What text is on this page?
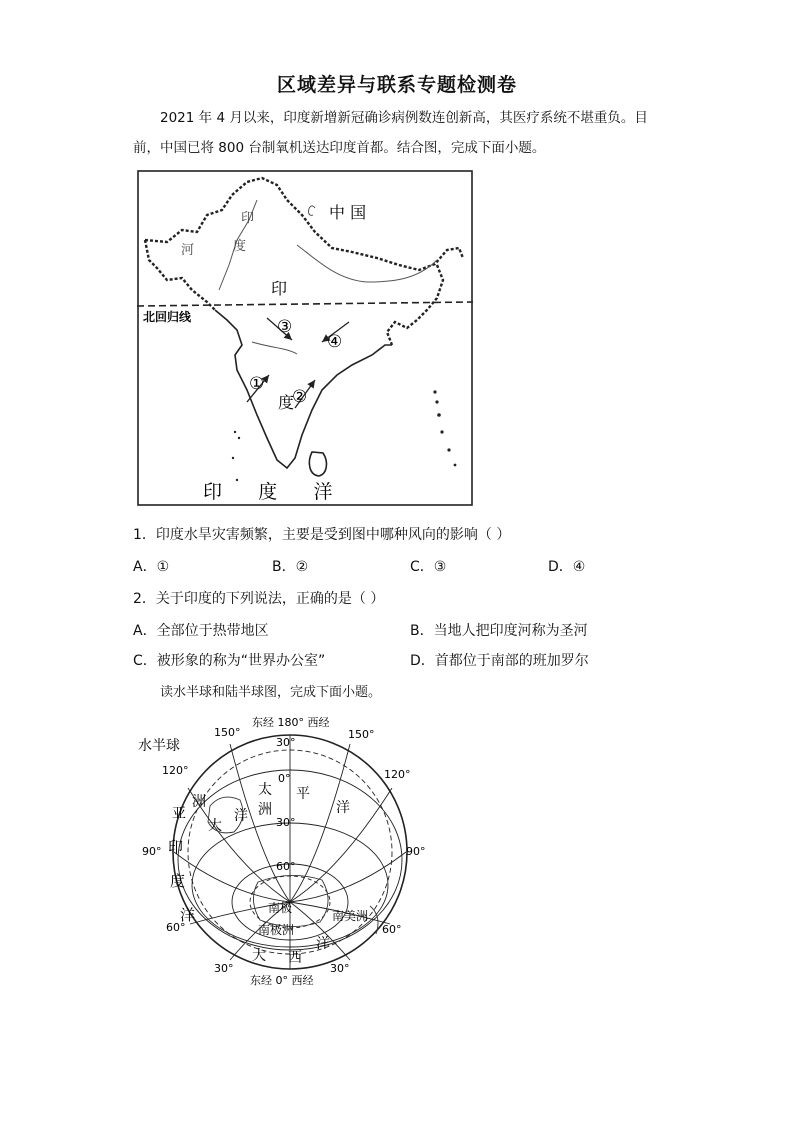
区域差异与联系专题检测卷

2021 年 4 月以来，印度新增新冠确诊病例数连创新高，其医疗系统不堪重负。目

前，中国已将 800 台制氧机送达印度首都。结合图，完成下面小题。

北回归线
①
②
③
④
中 国
印
度
印
度
河
印      度      洋
1．印度水旱灾害频繁，主要是受到图中哪种风向的影响（ ）
A．①	B．②	C．③	D．④
2．关于印度的下列说法，正确的是（ ）
A．全部位于热带地区	B．当地人把印度河称为圣河
C．被形象的称为“世界办公室”	D．首都位于南部的班加罗尔
读水半球和陆半球图，完成下面小题。
水半球
东经 180° 西经
东经 0° 西经
150°	150°
120°	120°
90°	90°
60°	60°
30°	30°
30°
0°
30°
60°
太 平
洲	洋
亚
洲
大
洋
印
度
洋	南极
南极洲
南美洲
洋
大 西
